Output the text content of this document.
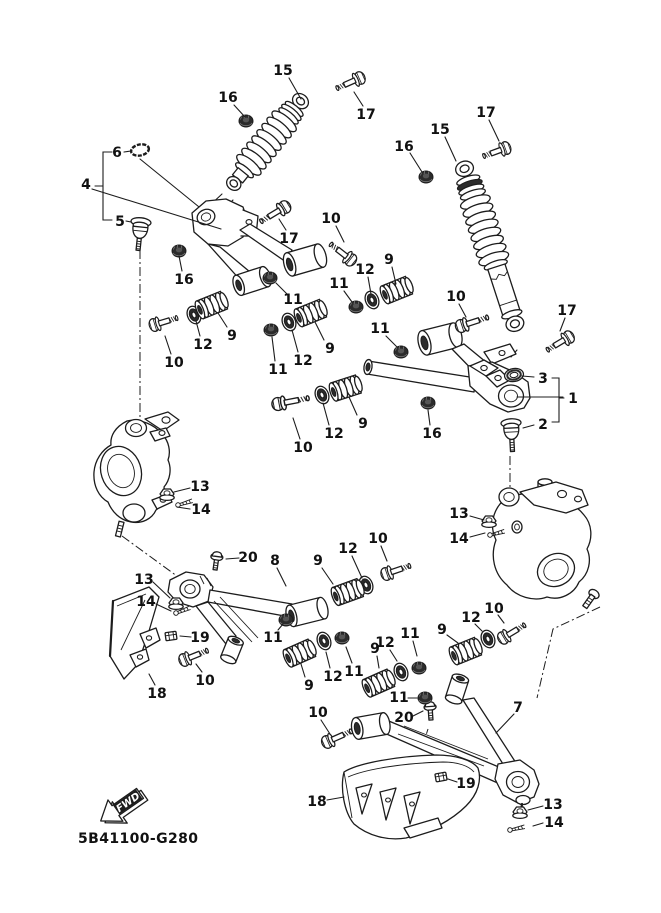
FWD
5B41100-G280
15
16
17
16
15
17
6
4
5
17
16
10
12
9
11
10
17
11
12
9
10	11
12
9
11
10
12
9
16
3
1
2
13
14	13
14
20 8 9
13
14
19	11
10	9
12 11
10
12
10
9
12
11 9
12
10
11
20
7
19
18	13
14
18
